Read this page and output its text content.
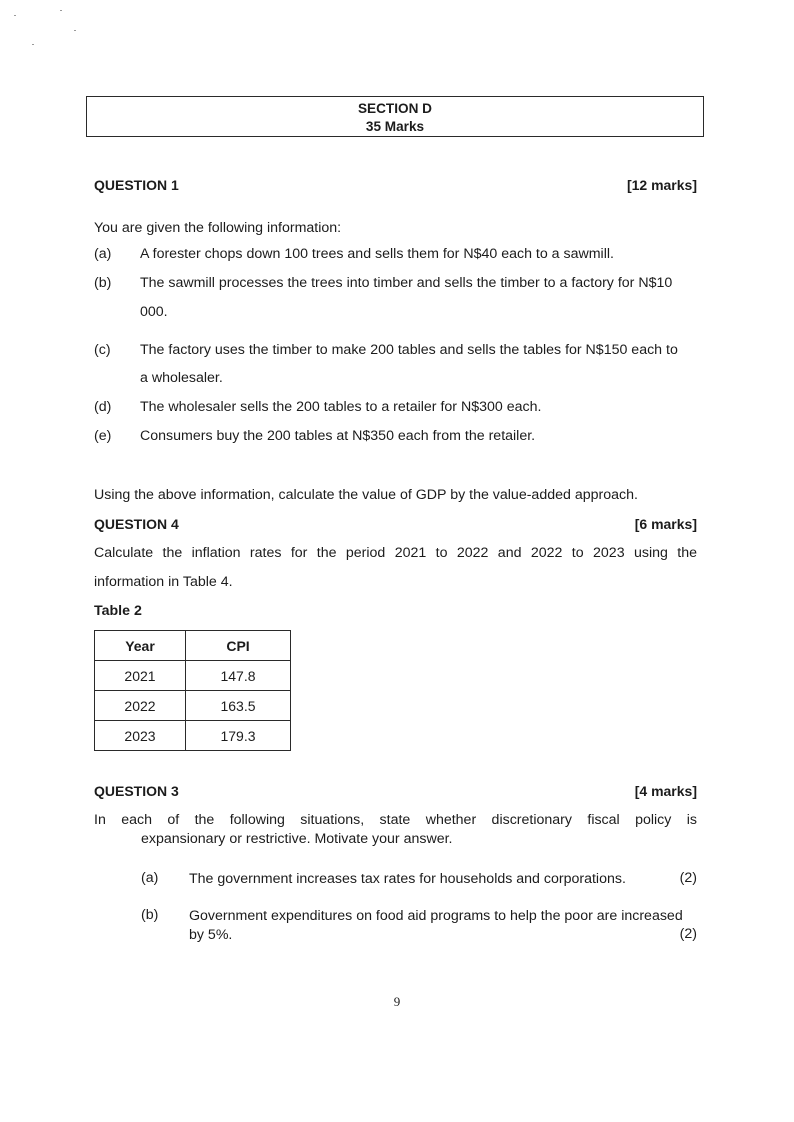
SECTION D
35 Marks
QUESTION 1	[12 marks]
You are given the following information:
(a) A forester chops down 100 trees and sells them for N$40 each to a sawmill.
(b) The sawmill processes the trees into timber and sells the timber to a factory for N$10
000.
(c) The factory uses the timber to make 200 tables and sells the tables for N$150 each to
a wholesaler.
(d) The wholesaler sells the 200 tables to a retailer for N$300 each.
(e) Consumers buy the 200 tables at N$350 each from the retailer.
Using the above information, calculate the value of GDP by the value-added approach.
QUESTION 4	[6 marks]
Calculate the inflation rates for the period 2021 to 2022 and 2022 to 2023 using the
information in Table 4.
Table 2
Year	CPI
2021	147.8
2022	163.5
2023	179.3
QUESTION 3	[4 marks]
In each of the following situations, state whether discretionary fiscal policy is
expansionary or restrictive. Motivate your answer.
(a) The government increases tax rates for households and corporations.	(2)
(b) Government expenditures on food aid programs to help the poor are increased
by 5%.	(2)
9
